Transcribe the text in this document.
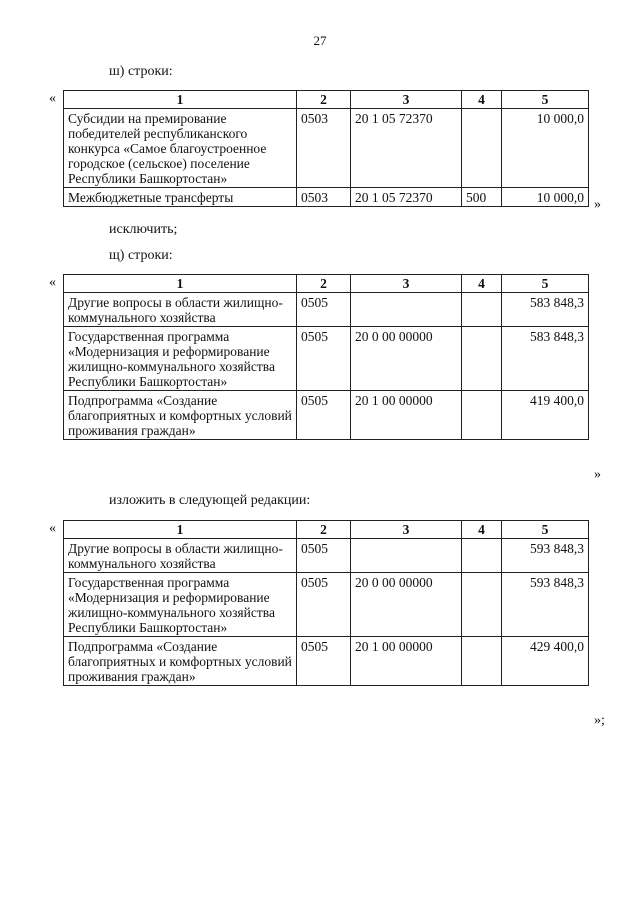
27
ш) строки:
«	1	2	3	4	5
Субсидии на премирование победителей республиканского конкурса «Самое благоустроенное городское (сельское) поселение Республики Башкортостан»	0503	20 1 05 72370		10 000,0
Межбюджетные трансферты	0503	20 1 05 72370	500	10 000,0 »
исключить;
щ) строки:
«	1	2	3	4	5
Другие вопросы в области жилищно-коммунального хозяйства	0505			583 848,3
Государственная программа «Модернизация и реформирование жилищно-коммунального хозяйства Республики Башкортостан»	0505	20 0 00 00000		583 848,3
Подпрограмма «Создание благоприятных и комфортных условий проживания граждан»	0505	20 1 00 00000		419 400,0
»
изложить в следующей редакции:
«	1	2	3	4	5
Другие вопросы в области жилищно-коммунального хозяйства	0505			593 848,3
Государственная программа «Модернизация и реформирование жилищно-коммунального хозяйства Республики Башкортостан»	0505	20 0 00 00000		593 848,3
Подпрограмма «Создание благоприятных и комфортных условий проживания граждан»	0505	20 1 00 00000		429 400,0
»;
